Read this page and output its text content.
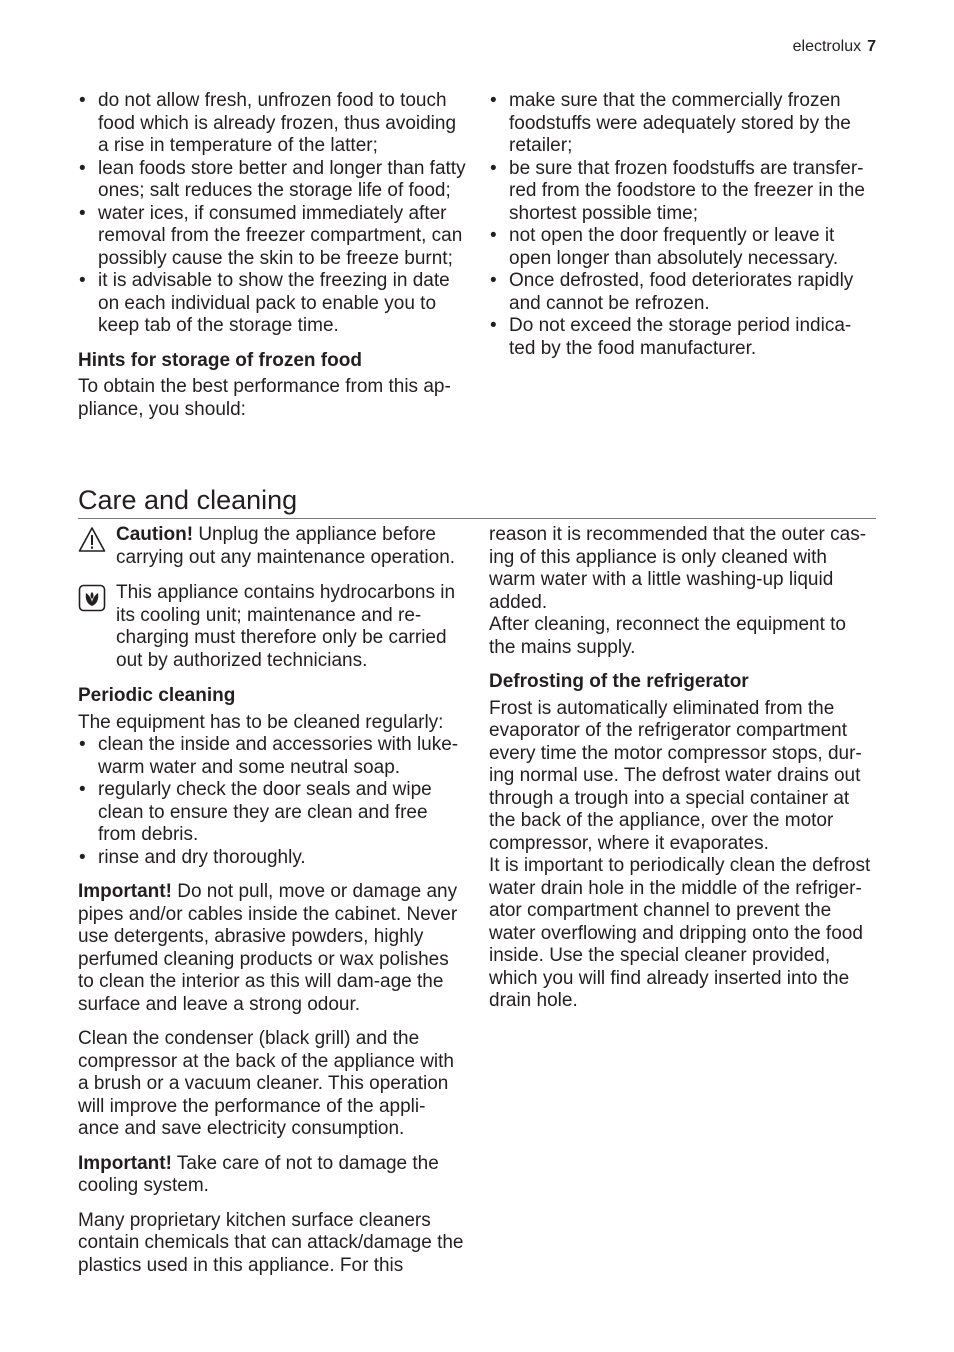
electrolux 7
• do not allow fresh, unfrozen food to touch food which is already frozen, thus avoiding a rise in temperature of the latter;
• lean foods store better and longer than fatty ones; salt reduces the storage life of food;
• water ices, if consumed immediately after removal from the freezer compartment, can possibly cause the skin to be freeze burnt;
• it is advisable to show the freezing in date on each individual pack to enable you to keep tab of the storage time.
Hints for storage of frozen food

To obtain the best performance from this ap-pliance, you should:

• make sure that the commercially frozen foodstuffs were adequately stored by the retailer;
• be sure that frozen foodstuffs are transfer-red from the foodstore to the freezer in the shortest possible time;
• not open the door frequently or leave it open longer than absolutely necessary.
• Once defrosted, food deteriorates rapidly and cannot be refrozen.
• Do not exceed the storage period indica-ted by the food manufacturer.
Care and cleaning

Caution! Unplug the appliance before carrying out any maintenance operation.

This appliance contains hydrocarbons in its cooling unit; maintenance and re-charging must therefore only be carried out by authorized technicians.

Periodic cleaning

The equipment has to be cleaned regularly:

• clean the inside and accessories with luke-warm water and some neutral soap.
• regularly check the door seals and wipe clean to ensure they are clean and free from debris.
• rinse and dry thoroughly.

Important! Do not pull, move or damage any pipes and/or cables inside the cabinet. Never use detergents, abrasive powders, highly perfumed cleaning products or wax polishes to clean the interior as this will dam-age the surface and leave a strong odour.

Clean the condenser (black grill) and the compressor at the back of the appliance with a brush or a vacuum cleaner. This operation will improve the performance of the appli-ance and save electricity consumption.

Important! Take care of not to damage the cooling system.

Many proprietary kitchen surface cleaners contain chemicals that can attack/damage the plastics used in this appliance. For this

reason it is recommended that the outer cas-ing of this appliance is only cleaned with warm water with a little washing-up liquid added.

After cleaning, reconnect the equipment to the mains supply.

Defrosting of the refrigerator

Frost is automatically eliminated from the evaporator of the refrigerator compartment every time the motor compressor stops, dur-ing normal use. The defrost water drains out through a trough into a special container at the back of the appliance, over the motor compressor, where it evaporates.

It is important to periodically clean the defrost water drain hole in the middle of the refriger-ator compartment channel to prevent the water overflowing and dripping onto the food inside. Use the special cleaner provided, which you will find already inserted into the drain hole.
